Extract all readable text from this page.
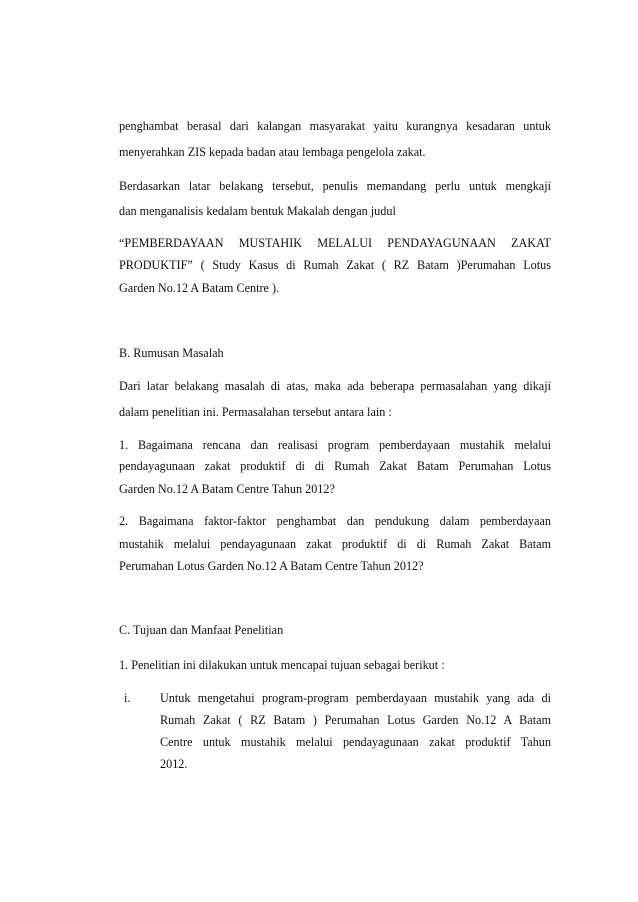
penghambat berasal dari kalangan masyarakat yaitu kurangnya kesadaran untuk
menyerahkan ZIS kepada badan atau lembaga pengelola zakat.
Berdasarkan latar belakang tersebut, penulis memandang perlu untuk mengkaji
dan menganalisis kedalam bentuk Makalah dengan judul
“PEMBERDAYAAN MUSTAHIK MELALUI PENDAYAGUNAAN ZAKAT
PRODUKTIF” ( Study Kasus di Rumah Zakat ( RZ Batam )Perumahan Lotus
Garden No.12 A Batam Centre ).
B. Rumusan Masalah
Dari latar belakang masalah di atas, maka ada beberapa permasalahan yang dikaji
dalam penelitian ini. Permasalahan tersebut antara lain :
1. Bagaimana rencana dan realisasi program pemberdayaan mustahik melalui
pendayagunaan zakat produktif di di Rumah Zakat Batam Perumahan Lotus
Garden No.12 A Batam Centre Tahun 2012?
2. Bagaimana faktor-faktor penghambat dan pendukung dalam pemberdayaan
mustahik melalui pendayagunaan zakat produktif di di Rumah Zakat Batam
Perumahan Lotus Garden No.12 A Batam Centre Tahun 2012?
C. Tujuan dan Manfaat Penelitian
1. Penelitian ini dilakukan untuk mencapai tujuan sebagai berikut :
i. Untuk mengetahui program-program pemberdayaan mustahik yang ada di
Rumah Zakat ( RZ Batam ) Perumahan Lotus Garden No.12 A Batam
Centre untuk mustahik melalui pendayagunaan zakat produktif Tahun
2012.
